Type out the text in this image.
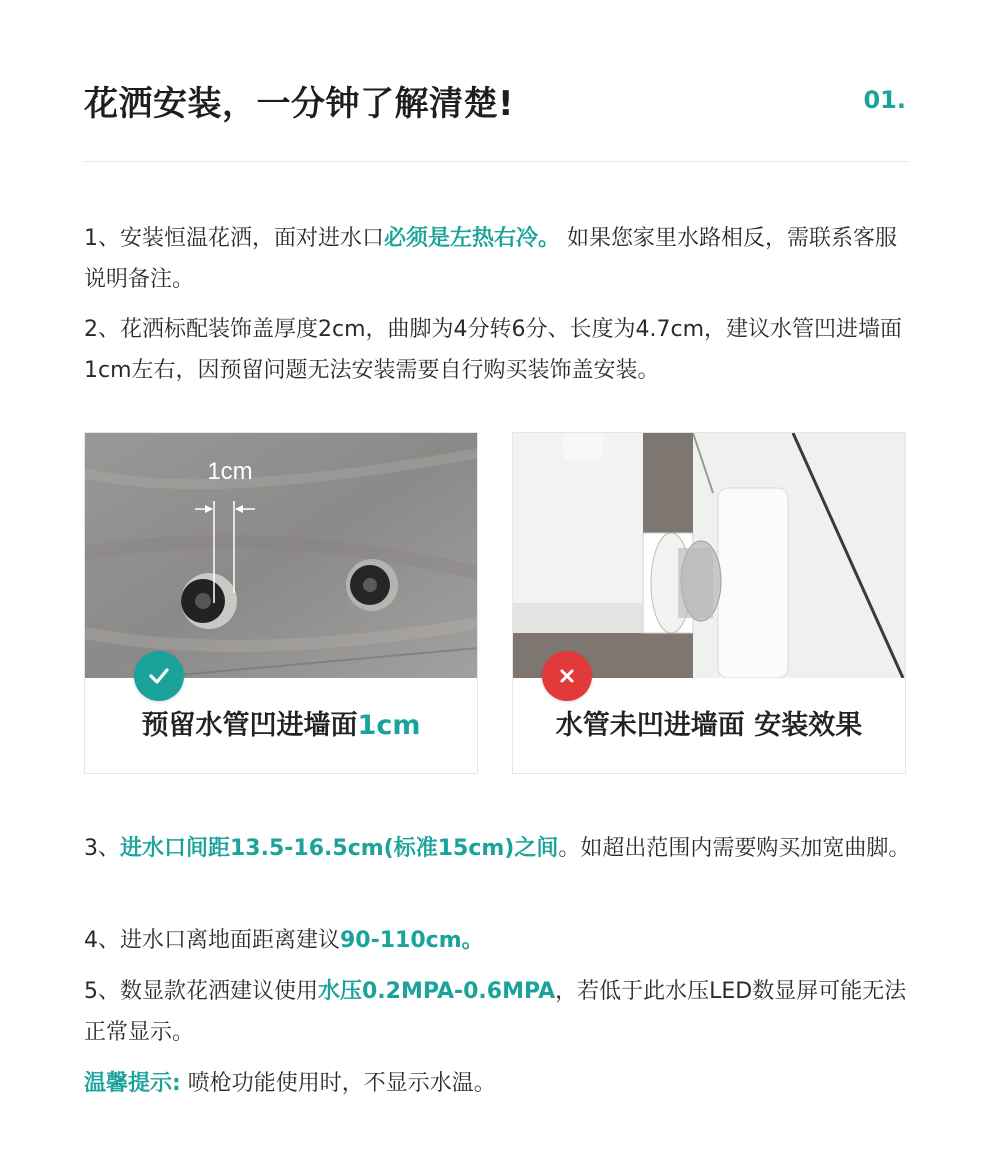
花洒安装，一分钟了解清楚!	01.
1、安装恒温花洒，面对进水口必须是左热右冷。 如果您家里水路相反，需联系客服说明备注。
2、花洒标配装饰盖厚度2cm，曲脚为4分转6分、长度为4.7cm，建议水管凹进墙面1cm左右，因预留问题无法安装需要自行购买装饰盖安装。
1cm
预留水管凹进墙面1cm	水管未凹进墙面 安装效果
3、进水口间距13.5-16.5cm(标准15cm)之间。如超出范围内需要购买加宽曲脚。
4、进水口离地面距离建议90-110cm。
5、数显款花洒建议使用水压0.2MPA-0.6MPA，若低于此水压LED数显屏可能无法正常显示。
温馨提示: 喷枪功能使用时，不显示水温。
